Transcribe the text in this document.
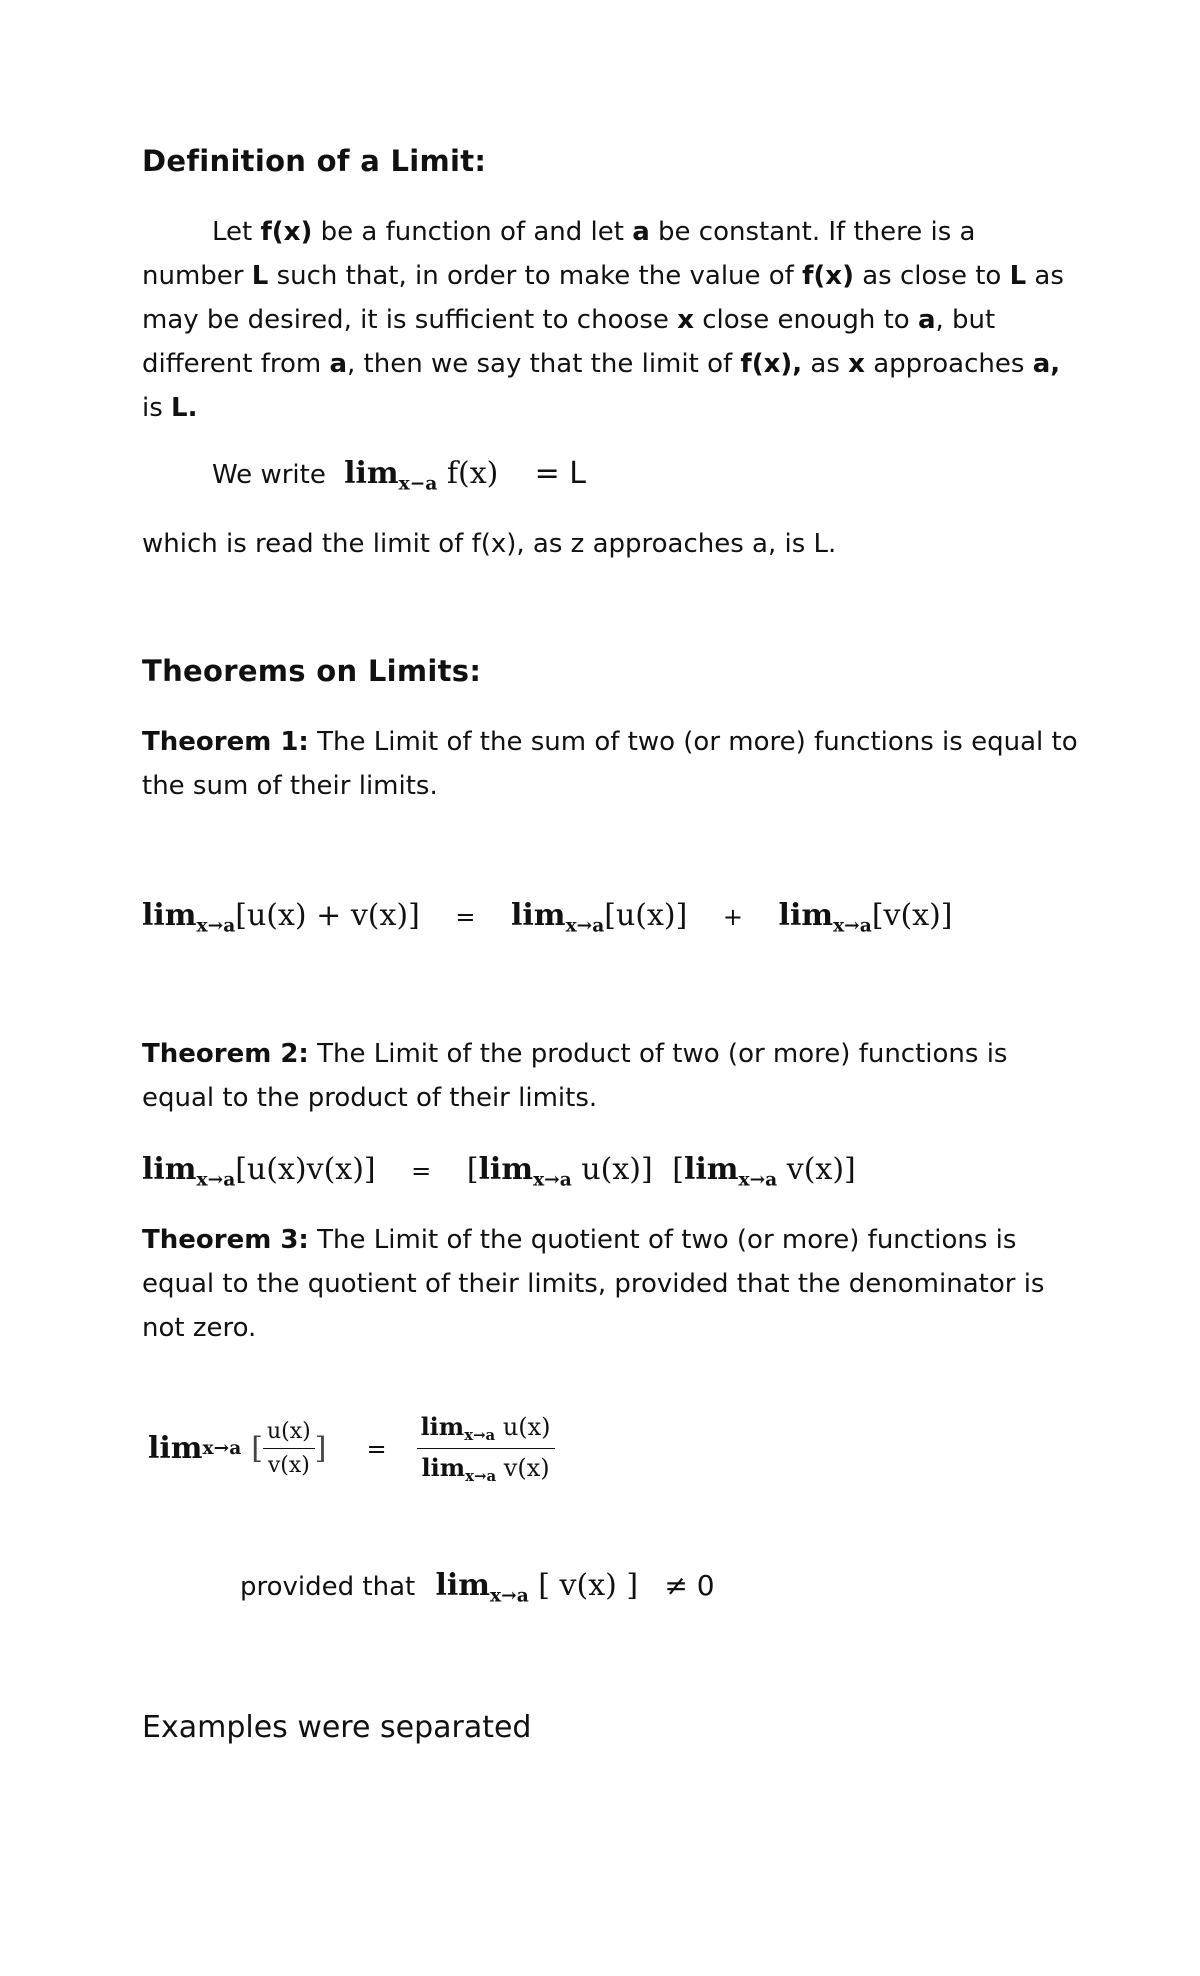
Definition of a Limit:
Let f(x) be a function of and let a be constant. If there is a number L such that, in order to make the value of f(x) as close to L as may be desired, it is sufficient to choose x close enough to a, but different from a, then we say that the limit of f(x), as x approaches a, is L.
We write $\lim_{x-a} f(x) = L$
which is read the limit of f(x), as z approaches a, is L.
Theorems on Limits:
Theorem 1: The Limit of the sum of two (or more) functions is equal to the sum of their limits.
$\lim_{x\to a}[u(x) + v(x)] = \lim_{x\to a}[u(x)] + \lim_{x\to a}[v(x)]$
Theorem 2: The Limit of the product of two (or more) functions is equal to the product of their limits.
$\lim_{x\to a}[u(x)v(x)] = [\lim_{x\to a}$ u(x)] [$\lim_{x\to a}$ v(x)]
Theorem 3: The Limit of the quotient of two (or more) functions is equal to the quotient of their limits, provided that the denominator is not zero.
lim x→a [ $\frac{u(x)}{v(x)}$ ] = $\frac{\lim_{x\to a} u(x)}{\lim_{x\to a} v(x)}$
provided that $\lim_{x\to a}$ [ v(x) ] ≠ 0
Examples were separated
